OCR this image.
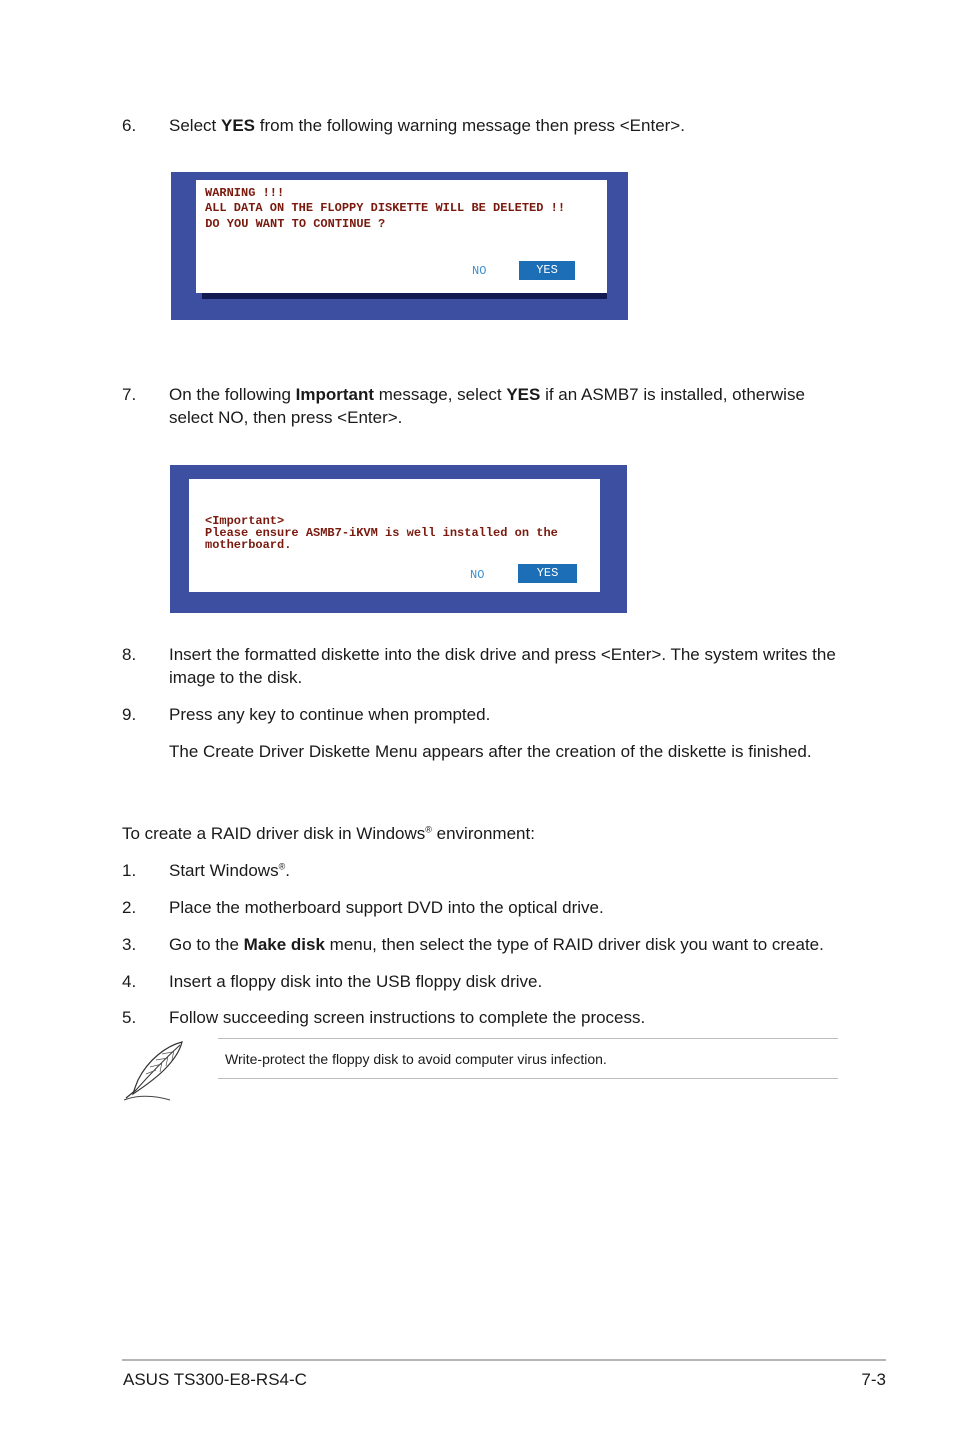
6. Select YES from the following warning message then press <Enter>.
WARNING !!!
ALL DATA ON THE FLOPPY DISKETTE WILL BE DELETED !!
DO YOU WANT TO CONTINUE ?
NO	YES
7. On the following Important message, select YES if an ASMB7 is installed, otherwise select NO, then press <Enter>.
<Important>
Please ensure ASMB7-iKVM is well installed on the
motherboard.
NO	YES
8. Insert the formatted diskette into the disk drive and press <Enter>. The system writes the image to the disk.
9. Press any key to continue when prompted.
The Create Driver Diskette Menu appears after the creation of the diskette is finished.
To create a RAID driver disk in Windows® environment:
1. Start Windows®.
2. Place the motherboard support DVD into the optical drive.
3. Go to the Make disk menu, then select the type of RAID driver disk you want to create.
4. Insert a floppy disk into the USB floppy disk drive.
5. Follow succeeding screen instructions to complete the process.
Write-protect the floppy disk to avoid computer virus infection.
ASUS TS300-E8-RS4-C	7-3
